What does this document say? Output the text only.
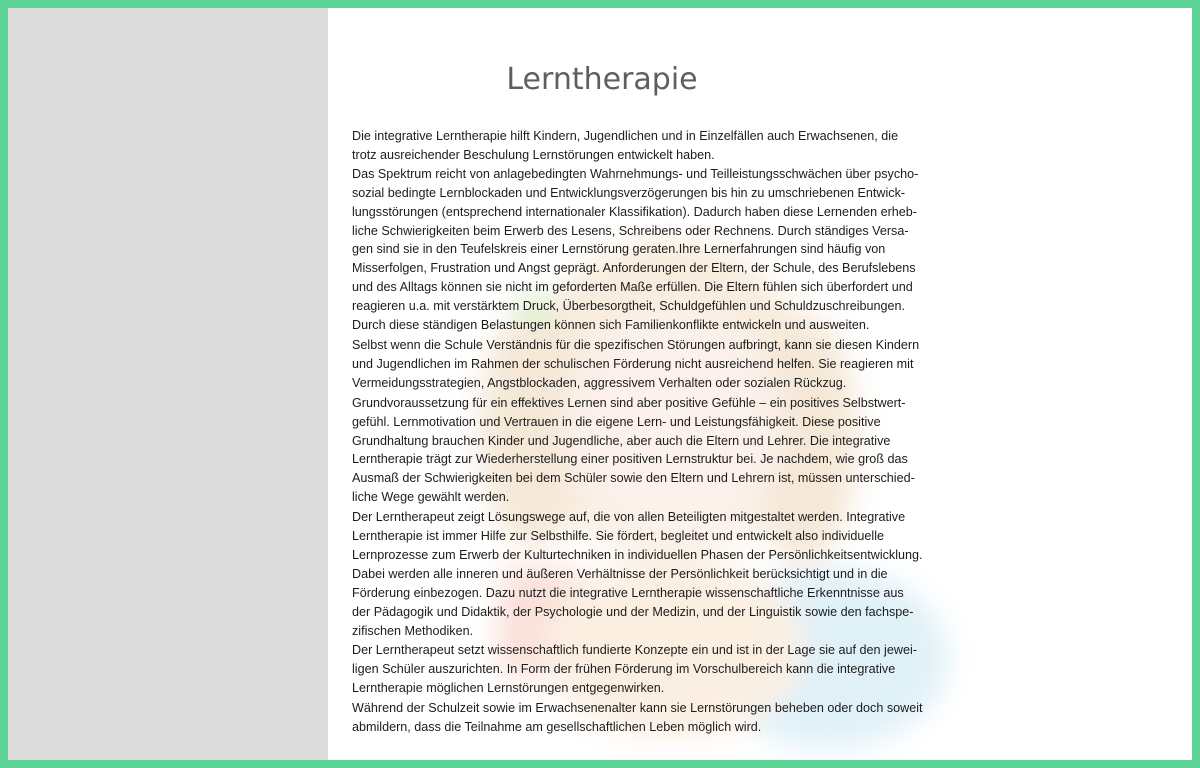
Lerntherapie

Die integrative Lerntherapie hilft Kindern, Jugendlichen und in Einzelfällen auch Erwachsenen, die
trotz ausreichender Beschulung Lernstörungen entwickelt haben.
Das Spektrum reicht von anlagebedingten Wahrnehmungs- und Teilleistungsschwächen über psycho-
sozial bedingte Lernblockaden und Entwicklungsverzögerungen bis hin zu umschriebenen Entwick-
lungsstörungen (entsprechend internationaler Klassifikation). Dadurch haben diese Lernenden erheb-
liche Schwierigkeiten beim Erwerb des Lesens, Schreibens oder Rechnens. Durch ständiges Versa-
gen sind sie in den Teufelskreis einer Lernstörung geraten.Ihre Lernerfahrungen sind häufig von
Misserfolgen, Frustration und Angst geprägt. Anforderungen der Eltern, der Schule, des Berufslebens
und des Alltags können sie nicht im geforderten Maße erfüllen. Die Eltern fühlen sich überfordert und
reagieren u.a. mit verstärktem Druck, Überbesorgtheit, Schuldgefühlen und Schuldzuschreibungen.
Durch diese ständigen Belastungen können sich Familienkonflikte entwickeln und ausweiten.

Selbst wenn die Schule Verständnis für die spezifischen Störungen aufbringt, kann sie diesen Kindern
und Jugendlichen im Rahmen der schulischen Förderung nicht ausreichend helfen. Sie reagieren mit
Vermeidungsstrategien, Angstblockaden, aggressivem Verhalten oder sozialen Rückzug.

Grundvoraussetzung für ein effektives Lernen sind aber positive Gefühle – ein positives Selbstwert-
gefühl. Lernmotivation und Vertrauen in die eigene Lern- und Leistungsfähigkeit. Diese positive
Grundhaltung brauchen Kinder und Jugendliche, aber auch die Eltern und Lehrer. Die integrative
Lerntherapie trägt zur Wiederherstellung einer positiven Lernstruktur bei. Je nachdem, wie groß das
Ausmaß der Schwierigkeiten bei dem Schüler sowie den Eltern und Lehrern ist, müssen unterschied-
liche Wege gewählt werden.

Der Lerntherapeut zeigt Lösungswege auf, die von allen Beteiligten mitgestaltet werden. Integrative
Lerntherapie ist immer Hilfe zur Selbsthilfe. Sie fördert, begleitet und entwickelt also individuelle
Lernprozesse zum Erwerb der Kulturtechniken in individuellen Phasen der Persönlichkeitsentwicklung.
Dabei werden alle inneren und äußeren Verhältnisse der Persönlichkeit berücksichtigt und in die
Förderung einbezogen. Dazu nutzt die integrative Lerntherapie wissenschaftliche Erkenntnisse aus
der Pädagogik und Didaktik, der Psychologie und der Medizin, und der Linguistik sowie den fachspe-
zifischen Methodiken.

Der Lerntherapeut setzt wissenschaftlich fundierte Konzepte ein und ist in der Lage sie auf den jewei-
ligen Schüler auszurichten. In Form der frühen Förderung im Vorschulbereich kann die integrative
Lerntherapie möglichen Lernstörungen entgegenwirken.

Während der Schulzeit sowie im Erwachsenenalter kann sie Lernstörungen beheben oder doch soweit
abmildern, dass die Teilnahme am gesellschaftlichen Leben möglich wird.
